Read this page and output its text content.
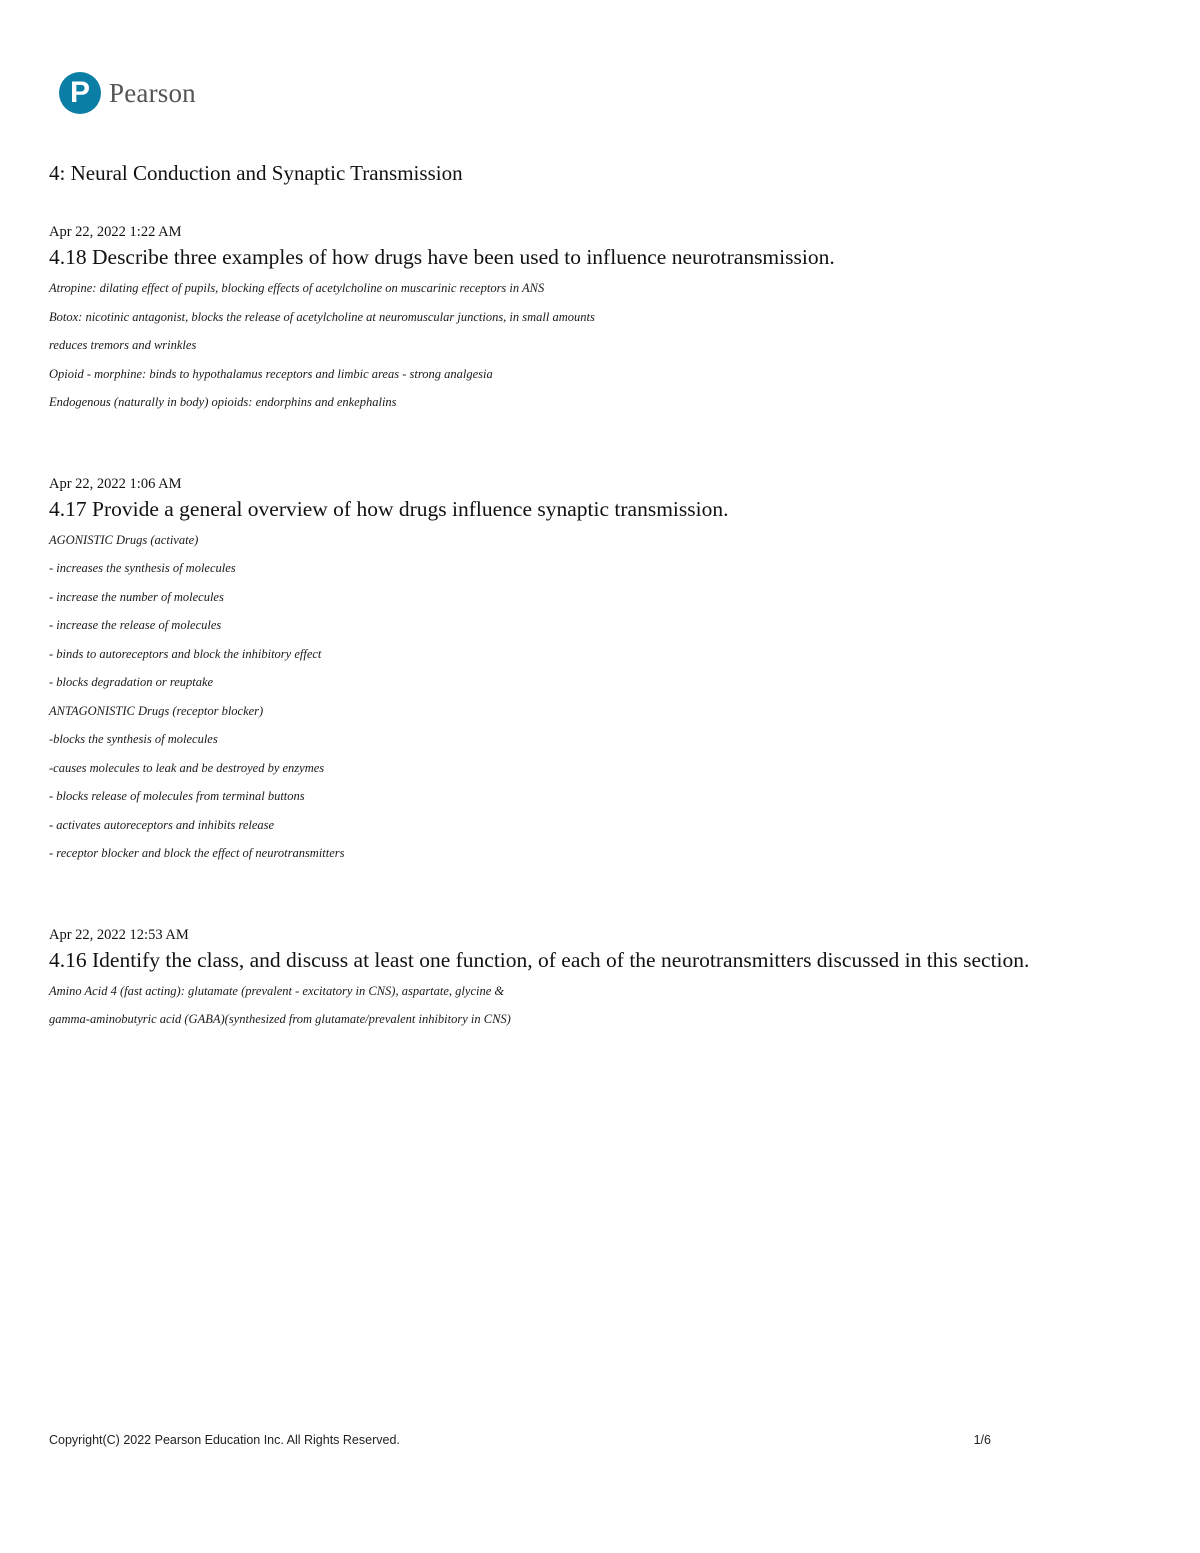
P Pearson
4: Neural Conduction and Synaptic Transmission

Apr 22, 2022 1:22 AM

4.18 Describe three examples of how drugs have been used to influence neurotransmission.
Atropine: dilating effect of pupils, blocking effects of acetylcholine on muscarinic receptors in ANS
Botox: nicotinic antagonist, blocks the release of acetylcholine at neuromuscular junctions, in small amounts
reduces tremors and wrinkles
Opioid - morphine: binds to hypothalamus receptors and limbic areas - strong analgesia
Endogenous (naturally in body) opioids: endorphins and enkephalins

Apr 22, 2022 1:06 AM

4.17 Provide a general overview of how drugs influence synaptic transmission.
AGONISTIC Drugs (activate)
- increases the synthesis of molecules
- increase the number of molecules
- increase the release of molecules
- binds to autoreceptors and block the inhibitory effect
- blocks degradation or reuptake
ANTAGONISTIC Drugs (receptor blocker)
-blocks the synthesis of molecules
-causes molecules to leak and be destroyed by enzymes
- blocks release of molecules from terminal buttons
- activates autoreceptors and inhibits release
- receptor blocker and block the effect of neurotransmitters

Apr 22, 2022 12:53 AM

4.16 Identify the class, and discuss at least one function, of each of the neurotransmitters discussed in this section.
Amino Acid 4 (fast acting): glutamate (prevalent - excitatory in CNS), aspartate, glycine &
gamma-aminobutyric acid (GABA)(synthesized from glutamate/prevalent inhibitory in CNS)
Copyright(C) 2022 Pearson Education Inc. All Rights Reserved.	1/6
